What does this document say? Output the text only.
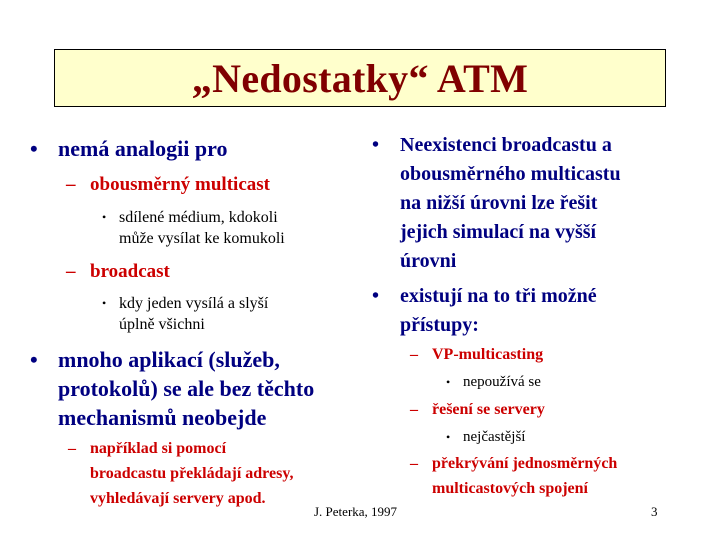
„Nedostatky“ ATM
• nemá analogii pro
– obousměrný multicast
• sdílené médium, kdokoli
může vysílat ke komukoli
– broadcast
• kdy jeden vysílá a slyší
úplně všichni
• mnoho aplikací (služeb,
protokolů) se ale bez těchto
mechanismů neobejde
– například si pomocí
broadcastu překládají adresy,
vyhledávají servery apod.
• Neexistenci broadcastu a
obousměrného multicastu
na nižší úrovni lze řešit
jejich simulací na vyšší
úrovni
• existují na to tři možné
přístupy:
– VP-multicasting
• nepoužívá se
– řešení se servery
• nejčastější
– překrývání jednosměrných
multicastových spojení
J. Peterka, 1997	3
